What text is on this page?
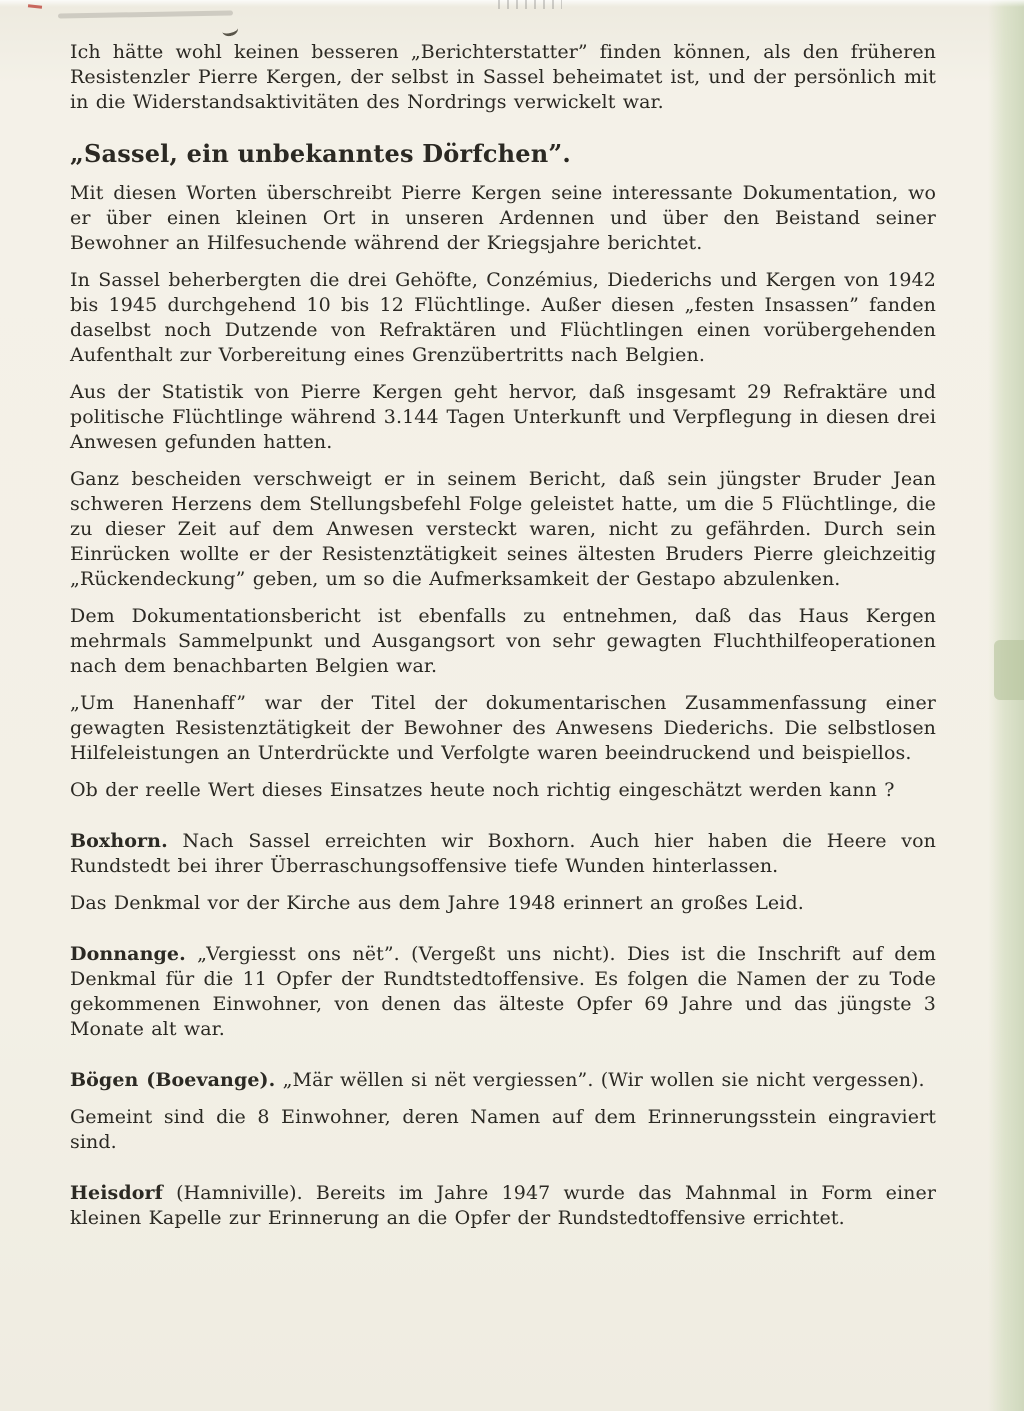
Ich hätte wohl keinen besseren „Berichterstatter” finden können, als den früheren Resistenzler Pierre Kergen, der selbst in Sassel beheimatet ist, und der persönlich mit in die Widerstandsaktivitäten des Nordrings verwickelt war.

„Sassel, ein unbekanntes Dörfchen”.

Mit diesen Worten überschreibt Pierre Kergen seine interessante Dokumentation, wo er über einen kleinen Ort in unseren Ardennen und über den Beistand seiner Bewohner an Hilfesuchende während der Kriegsjahre berichtet.

In Sassel beherbergten die drei Gehöfte, Conzémius, Diederichs und Kergen von 1942 bis 1945 durchgehend 10 bis 12 Flüchtlinge. Außer diesen „festen Insassen” fanden daselbst noch Dutzende von Refraktären und Flüchtlingen einen vorübergehenden Aufenthalt zur Vorbereitung eines Grenzübertritts nach Belgien.

Aus der Statistik von Pierre Kergen geht hervor, daß insgesamt 29 Refraktäre und politische Flüchtlinge während 3.144 Tagen Unterkunft und Verpflegung in diesen drei Anwesen gefunden hatten.

Ganz bescheiden verschweigt er in seinem Bericht, daß sein jüngster Bruder Jean schweren Herzens dem Stellungsbefehl Folge geleistet hatte, um die 5 Flüchtlinge, die zu dieser Zeit auf dem Anwesen versteckt waren, nicht zu gefährden. Durch sein Einrücken wollte er der Resistenztätigkeit seines ältesten Bruders Pierre gleichzeitig „Rückendeckung” geben, um so die Aufmerksamkeit der Gestapo abzulenken.

Dem Dokumentationsbericht ist ebenfalls zu entnehmen, daß das Haus Kergen mehrmals Sammelpunkt und Ausgangsort von sehr gewagten Fluchthilfeoperationen nach dem benachbarten Belgien war.

„Um Hanenhaff” war der Titel der dokumentarischen Zusammenfassung einer gewagten Resistenztätigkeit der Bewohner des Anwesens Diederichs. Die selbstlosen Hilfeleistungen an Unterdrückte und Verfolgte waren beeindruckend und beispiellos.

Ob der reelle Wert dieses Einsatzes heute noch richtig eingeschätzt werden kann ?

Boxhorn. Nach Sassel erreichten wir Boxhorn. Auch hier haben die Heere von Rundstedt bei ihrer Überraschungsoffensive tiefe Wunden hinterlassen.

Das Denkmal vor der Kirche aus dem Jahre 1948 erinnert an großes Leid.

Donnange. „Vergiesst ons nët”. (Vergeßt uns nicht). Dies ist die Inschrift auf dem Denkmal für die 11 Opfer der Rundtstedtoffensive. Es folgen die Namen der zu Tode gekommenen Einwohner, von denen das älteste Opfer 69 Jahre und das jüngste 3 Monate alt war.

Bögen (Boevange). „Mär wëllen si nët vergiessen”. (Wir wollen sie nicht vergessen).

Gemeint sind die 8 Einwohner, deren Namen auf dem Erinnerungsstein eingraviert sind.

Heisdorf (Hamniville). Bereits im Jahre 1947 wurde das Mahnmal in Form einer kleinen Kapelle zur Erinnerung an die Opfer der Rundstedtoffensive errichtet.
